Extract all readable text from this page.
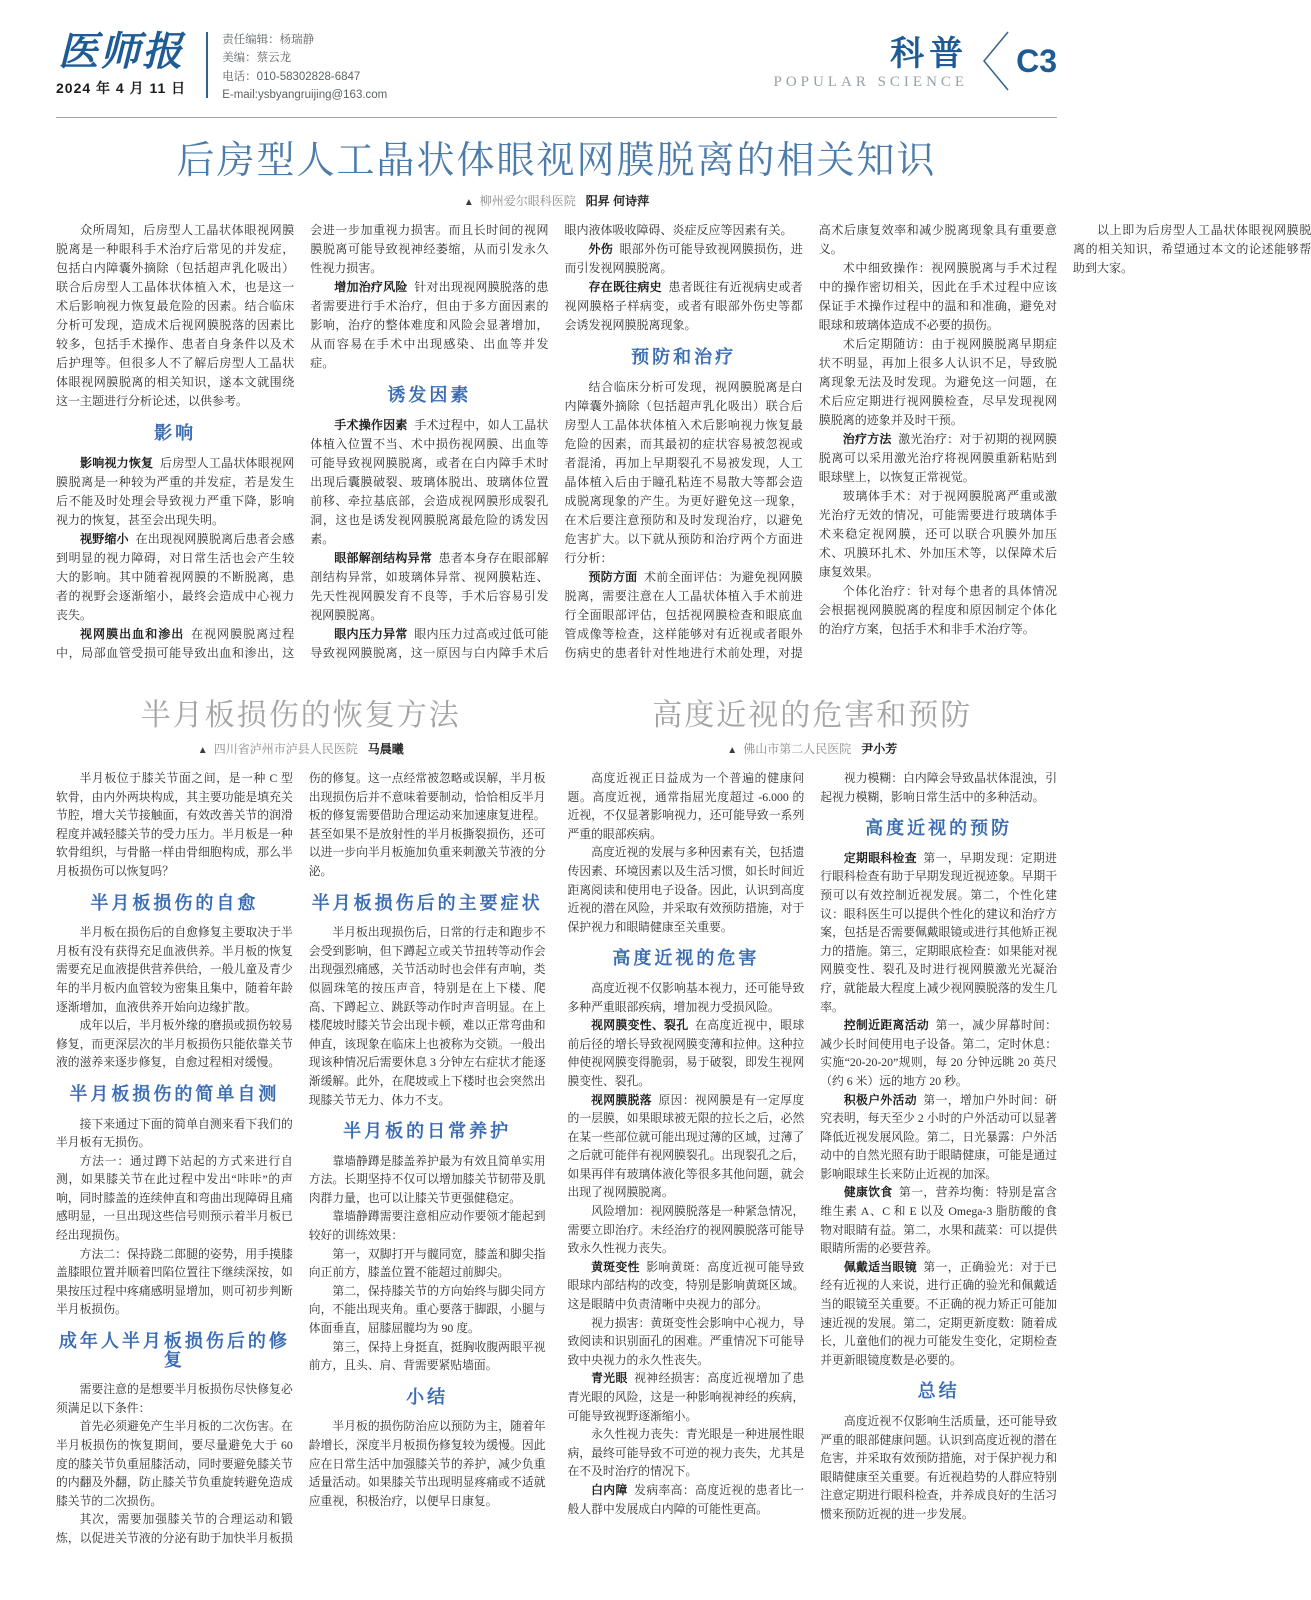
医师报
2024 年 4 月 11 日
责任编辑：杨瑞静
美编：蔡云龙
电话：010-58302828-6847
E-mail:ysbyangruijing@163.com
科普
POPULAR SCIENCE
C3
后房型人工晶状体眼视网膜脱离的相关知识
▲ 柳州爱尔眼科医院 阳昇 何诗萍

众所周知，后房型人工晶状体眼视网膜脱离是一种眼科手术治疗后常见的并发症，包括白内障囊外摘除（包括超声乳化吸出）联合后房型人工晶体状体植入术，也是这一术后影响视力恢复最危险的因素。结合临床分析可发现，造成术后视网膜脱落的因素比较多，包括手术操作、患者自身条件以及术后护理等。但很多人不了解后房型人工晶状体眼视网膜脱离的相关知识，遂本文就围绕这一主题进行分析论述，以供参考。

影响

影响视力恢复 后房型人工晶状体眼视网膜脱离是一种较为严重的并发症，若是发生后不能及时处理会导致视力严重下降，影响视力的恢复，甚至会出现失明。

视野缩小 在出现视网膜脱离后患者会感到明显的视力障碍，对日常生活也会产生较大的影响。其中随着视网膜的不断脱离，患者的视野会逐渐缩小，最终会造成中心视力丧失。

视网膜出血和渗出 在视网膜脱离过程中，局部血管受损可能导致出血和渗出，这会进一步加重视力损害。而且长时间的视网膜脱离可能导致视神经萎缩，从而引发永久性视力损害。

增加治疗风险 针对出现视网膜脱落的患者需要进行手术治疗，但由于多方面因素的影响，治疗的整体难度和风险会显著增加，从而容易在手术中出现感染、出血等并发症。

诱发因素

手术操作因素 手术过程中，如人工晶状体植入位置不当、术中损伤视网膜、出血等可能导致视网膜脱离，或者在白内障手术时出现后囊膜破裂、玻璃体脱出、玻璃体位置前移、牵拉基底部，会造成视网膜形成裂孔洞，这也是诱发视网膜脱离最危险的诱发因素。

眼部解剖结构异常 患者本身存在眼部解剖结构异常，如玻璃体异常、视网膜粘连、先天性视网膜发育不良等，手术后容易引发视网膜脱离。

眼内压力异常 眼内压力过高或过低可能导致视网膜脱离，这一原因与白内障手术后眼内液体吸收障碍、炎症反应等因素有关。

外伤 眼部外伤可能导致视网膜损伤，进而引发视网膜脱离。

存在既往病史 患者既往有近视病史或者视网膜格子样病变，或者有眼部外伤史等都会诱发视网膜脱离现象。

预防和治疗

结合临床分析可发现，视网膜脱离是白内障囊外摘除（包括超声乳化吸出）联合后房型人工晶体状体植入术后影响视力恢复最危险的因素，而其最初的症状容易被忽视或者混淆，再加上早期裂孔不易被发现，人工晶体植入后由于瞳孔粘连不易散大等都会造成脱离现象的产生。为更好避免这一现象，在术后要注意预防和及时发现治疗，以避免危害扩大。以下就从预防和治疗两个方面进行分析：

预防方面 术前全面评估：为避免视网膜脱离，需要注意在人工晶状体植入手术前进行全面眼部评估，包括视网膜检查和眼底血管成像等检查，这样能够对有近视或者眼外伤病史的患者针对性地进行术前处理，对提高术后康复效率和减少脱离现象具有重要意义。

术中细致操作：视网膜脱离与手术过程中的操作密切相关，因此在手术过程中应该保证手术操作过程中的温和和准确，避免对眼球和玻璃体造成不必要的损伤。

术后定期随访：由于视网膜脱离早期症状不明显，再加上很多人认识不足，导致脱离现象无法及时发现。为避免这一问题，在术后应定期进行视网膜检查，尽早发现视网膜脱离的迹象并及时干预。

治疗方法 激光治疗：对于初期的视网膜脱离可以采用激光治疗将视网膜重新粘贴到眼球壁上，以恢复正常视觉。

玻璃体手术：对于视网膜脱离严重或激光治疗无效的情况，可能需要进行玻璃体手术来稳定视网膜，还可以联合巩膜外加压术、巩膜环扎术、外加压术等，以保障术后康复效果。

个体化治疗：针对每个患者的具体情况会根据视网膜脱离的程度和原因制定个体化的治疗方案，包括手术和非手术治疗等。

以上即为后房型人工晶状体眼视网膜脱离的相关知识，希望通过本文的论述能够帮助到大家。

半月板损伤的恢复方法
▲ 四川省泸州市泸县人民医院 马晨曦

半月板位于膝关节面之间，是一种 C 型软骨，由内外两块构成，其主要功能是填充关节腔，增大关节接触面，有效改善关节的润滑程度并减轻膝关节的受力压力。半月板是一种软骨组织，与骨骼一样由骨细胞构成，那么半月板损伤可以恢复吗？

半月板损伤的自愈

半月板在损伤后的自愈修复主要取决于半月板有没有获得充足血液供养。半月板的恢复需要充足血液提供营养供给，一般儿童及青少年的半月板内血管较为密集且集中，随着年龄逐渐增加，血液供养开始向边缘扩散。

成年以后，半月板外缘的磨损或损伤较易修复，而更深层次的半月板损伤只能依靠关节液的滋养来逐步修复，自愈过程相对缓慢。

半月板损伤的简单自测

接下来通过下面的简单自测来看下我们的半月板有无损伤。

方法一：通过蹲下站起的方式来进行自测，如果膝关节在此过程中发出“咔咔”的声响，同时膝盖的连续伸直和弯曲出现障碍且痛感明显，一旦出现这些信号则预示着半月板已经出现损伤。

方法二：保持跷二郎腿的姿势，用手摸膝盖膝眼位置并顺着凹陷位置往下继续深按，如果按压过程中疼痛感明显增加，则可初步判断半月板损伤。

成年人半月板损伤后的修复

需要注意的是想要半月板损伤尽快修复必须满足以下条件：

首先必须避免产生半月板的二次伤害。在半月板损伤的恢复期间，要尽量避免大于 60 度的膝关节负重屈膝活动，同时要避免膝关节的内翻及外翻，防止膝关节负重旋转避免造成膝关节的二次损伤。

其次，需要加强膝关节的合理运动和锻炼，以促进关节液的分泌有助于加快半月板损伤的修复。这一点经常被忽略或误解，半月板出现损伤后并不意味着要制动，恰恰相反半月板的修复需要借助合理运动来加速康复进程。甚至如果不是放射性的半月板撕裂损伤，还可以进一步向半月板施加负重来刺激关节液的分泌。

半月板损伤后的主要症状

半月板出现损伤后，日常的行走和跑步不会受到影响，但下蹲起立或关节扭转等动作会出现强烈痛感，关节活动时也会伴有声响，类似圆珠笔的按压声音，特别是在上下楼、爬高、下蹲起立、跳跃等动作时声音明显。在上楼爬坡时膝关节会出现卡顿，难以正常弯曲和伸直，该现象在临床上也被称为交锁。一般出现该种情况后需要休息 3 分钟左右症状才能逐渐缓解。此外，在爬坡或上下楼时也会突然出现膝关节无力、体力不支。

半月板的日常养护

靠墙静蹲是膝盖养护最为有效且简单实用方法。长期坚持不仅可以增加膝关节韧带及肌肉群力量，也可以让膝关节更强健稳定。

靠墙静蹲需要注意相应动作要领才能起到较好的训练效果：

第一，双脚打开与髋同宽，膝盖和脚尖指向正前方，膝盖位置不能超过前脚尖。

第二，保持膝关节的方向始终与脚尖同方向，不能出现夹角。重心要落于脚跟，小腿与体面垂直，屈膝屈髋均为 90 度。

第三，保持上身挺直，挺胸收腹两眼平视前方，且头、肩、背需要紧贴墙面。

小结

半月板的损伤防治应以预防为主，随着年龄增长，深度半月板损伤修复较为缓慢。因此应在日常生活中加强膝关节的养护，减少负重适量活动。如果膝关节出现明显疼痛或不适就应重视，积极治疗，以便早日康复。

高度近视的危害和预防
▲ 佛山市第二人民医院 尹小芳

高度近视正日益成为一个普遍的健康问题。高度近视，通常指屈光度超过 -6.000 的近视，不仅显著影响视力，还可能导致一系列严重的眼部疾病。

高度近视的发展与多种因素有关，包括遗传因素、环境因素以及生活习惯，如长时间近距离阅读和使用电子设备。因此，认识到高度近视的潜在风险，并采取有效预防措施，对于保护视力和眼睛健康至关重要。

高度近视的危害

高度近视不仅影响基本视力，还可能导致多种严重眼部疾病，增加视力受损风险。

视网膜变性、裂孔 在高度近视中，眼球前后径的增长导致视网膜变薄和拉伸。这种拉伸使视网膜变得脆弱，易于破裂，即发生视网膜变性、裂孔。

视网膜脱落 原因：视网膜是有一定厚度的一层膜，如果眼球被无限的拉长之后，必然在某一些部位就可能出现过薄的区域，过薄了之后就可能伴有视网膜裂孔。出现裂孔之后，如果再伴有玻璃体液化等很多其他问题，就会出现了视网膜脱离。

风险增加：视网膜脱落是一种紧急情况，需要立即治疗。未经治疗的视网膜脱落可能导致永久性视力丧失。

黄斑变性 影响黄斑：高度近视可能导致眼球内部结构的改变，特别是影响黄斑区域。这是眼睛中负责清晰中央视力的部分。

视力损害：黄斑变性会影响中心视力，导致阅读和识别面孔的困难。严重情况下可能导致中央视力的永久性丧失。

青光眼 视神经损害：高度近视增加了患青光眼的风险，这是一种影响视神经的疾病，可能导致视野逐渐缩小。

永久性视力丧失：青光眼是一种进展性眼病，最终可能导致不可逆的视力丧失，尤其是在不及时治疗的情况下。

白内障 发病率高：高度近视的患者比一般人群中发展成白内障的可能性更高。

视力模糊：白内障会导致晶状体混浊，引起视力模糊，影响日常生活中的多种活动。

高度近视的预防

定期眼科检查 第一，早期发现：定期进行眼科检查有助于早期发现近视迹象。早期干预可以有效控制近视发展。第二，个性化建议：眼科医生可以提供个性化的建议和治疗方案，包括是否需要佩戴眼镜或进行其他矫正视力的措施。第三，定期眼底检查：如果能对视网膜变性、裂孔及时进行视网膜激光光凝治疗，就能最大程度上减少视网膜脱落的发生几率。

控制近距离活动 第一，减少屏幕时间：减少长时间使用电子设备。第二，定时休息：实施“20-20-20”规则，每 20 分钟远眺 20 英尺（约 6 米）远的地方 20 秒。

积极户外活动 第一，增加户外时间：研究表明，每天至少 2 小时的户外活动可以显著降低近视发展风险。第二，日光暴露：户外活动中的自然光照有助于眼睛健康，可能是通过影响眼球生长来防止近视的加深。

健康饮食 第一，营养均衡：特别是富含维生素 A、C 和 E 以及 Omega-3 脂肪酸的食物对眼睛有益。第二，水果和蔬菜：可以提供眼睛所需的必要营养。

佩戴适当眼镜 第一，正确验光：对于已经有近视的人来说，进行正确的验光和佩戴适当的眼镜至关重要。不正确的视力矫正可能加速近视的发展。第二，定期更新度数：随着成长，儿童他们的视力可能发生变化，定期检查并更新眼镜度数是必要的。

总结

高度近视不仅影响生活质量，还可能导致严重的眼部健康问题。认识到高度近视的潜在危害，并采取有效预防措施，对于保护视力和眼睛健康至关重要。有近视趋势的人群应特别注意定期进行眼科检查，并养成良好的生活习惯来预防近视的进一步发展。
